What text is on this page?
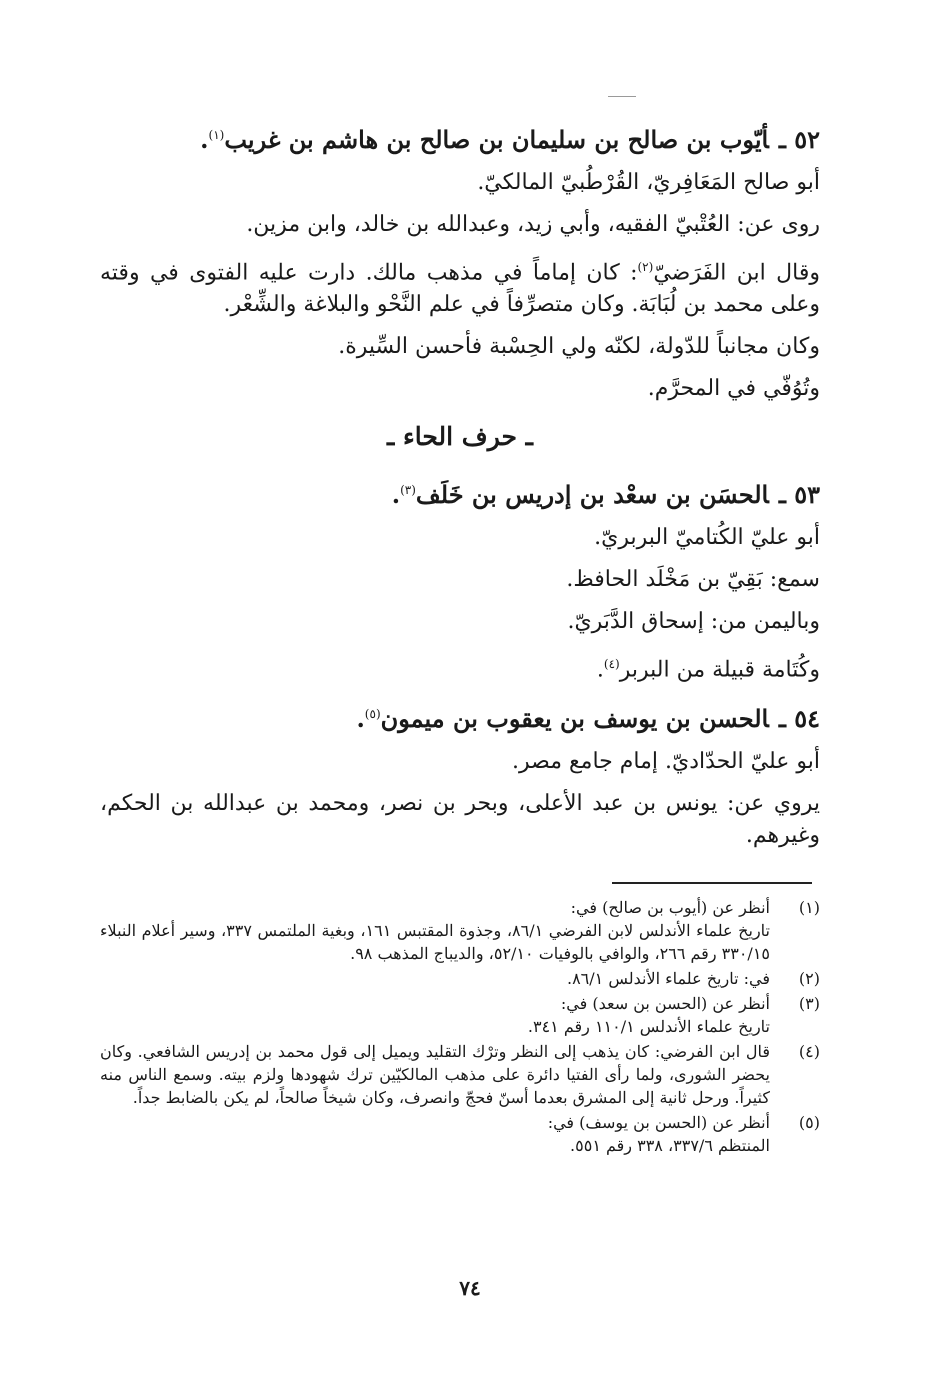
٥٢ ـأيّوب بن صالح بن سليمان بن صالح بن هاشم بن غريب$^{(١)}$.

أبو صالح المَعَافِريّ، القُرْطُبيّ المالكيّ.

روى عن: العُتْبيّ الفقيه، وأبي زيد، وعبدالله بن خالد، وابن مزين.

وقال ابن الفَرَضيّ$^{(٢)}$: كان إماماً في مذهب مالك. دارت عليه الفتوى في وقته وعلى محمد بن لُبَابَة. وكان متصرِّفاً في علم النَّحْو والبلاغة والشِّعْر.

وكان مجانباً للدّولة، لكنّه ولي الحِسْبة فأحسن السِّيرة.

وتُوُفّي في المحرَّم.

ـ حرف الحاء ـ

٥٣ ـالحسَن بن سعْد بن إدريس بن خَلَف$^{(٣)}$.

أبو عليّ الكُتاميّ البربريّ.

سمع: بَقِيّ بن مَخْلَد الحافظ.

وباليمن من: إسحاق الدَّبَريّ.

وكُتَامة قبيلة من البربر$^{(٤)}$.

٥٤ ـالحسن بن يوسف بن يعقوب بن ميمون$^{(٥)}$.

أبو عليّ الحدّاديّ. إمام جامع مصر.

يروي عن: يونس بن عبد الأعلى، وبحر بن نصر، ومحمد بن عبدالله بن الحكم، وغيرهم.

(١)

أنظر عن (أيوب بن صالح) في:

تاريخ علماء الأندلس لابن الفرضي ٨٦/١، وجذوة المقتبس ١٦١، وبغية الملتمس ٣٣٧، وسير أعلام النبلاء ٣٣٠/١٥ رقم ٢٦٦، والوافي بالوفيات ٥٢/١٠، والديباج المذهب ٩٨.

(٢)

في: تاريخ علماء الأندلس ٨٦/١.

(٣)

أنظر عن (الحسن بن سعد) في:

تاريخ علماء الأندلس ١١٠/١ رقم ٣٤١.

(٤)

قال ابن الفرضي: كان يذهب إلى النظر وترْك التقليد ويميل إلى قول محمد بن إدريس الشافعي. وكان يحضر الشورى، ولما رأى الفتيا دائرة على مذهب المالكيّين ترك شهودها ولزم بيته. وسمع الناس منه كثيراً. ورحل ثانية إلى المشرق بعدما أسنّ فحجّ وانصرف، وكان شيخاً صالحاً، لم يكن بالضابط جداً.

(٥)

أنظر عن (الحسن بن يوسف) في:

المنتظم ٣٣٧/٦، ٣٣٨ رقم ٥٥١.

٧٤
